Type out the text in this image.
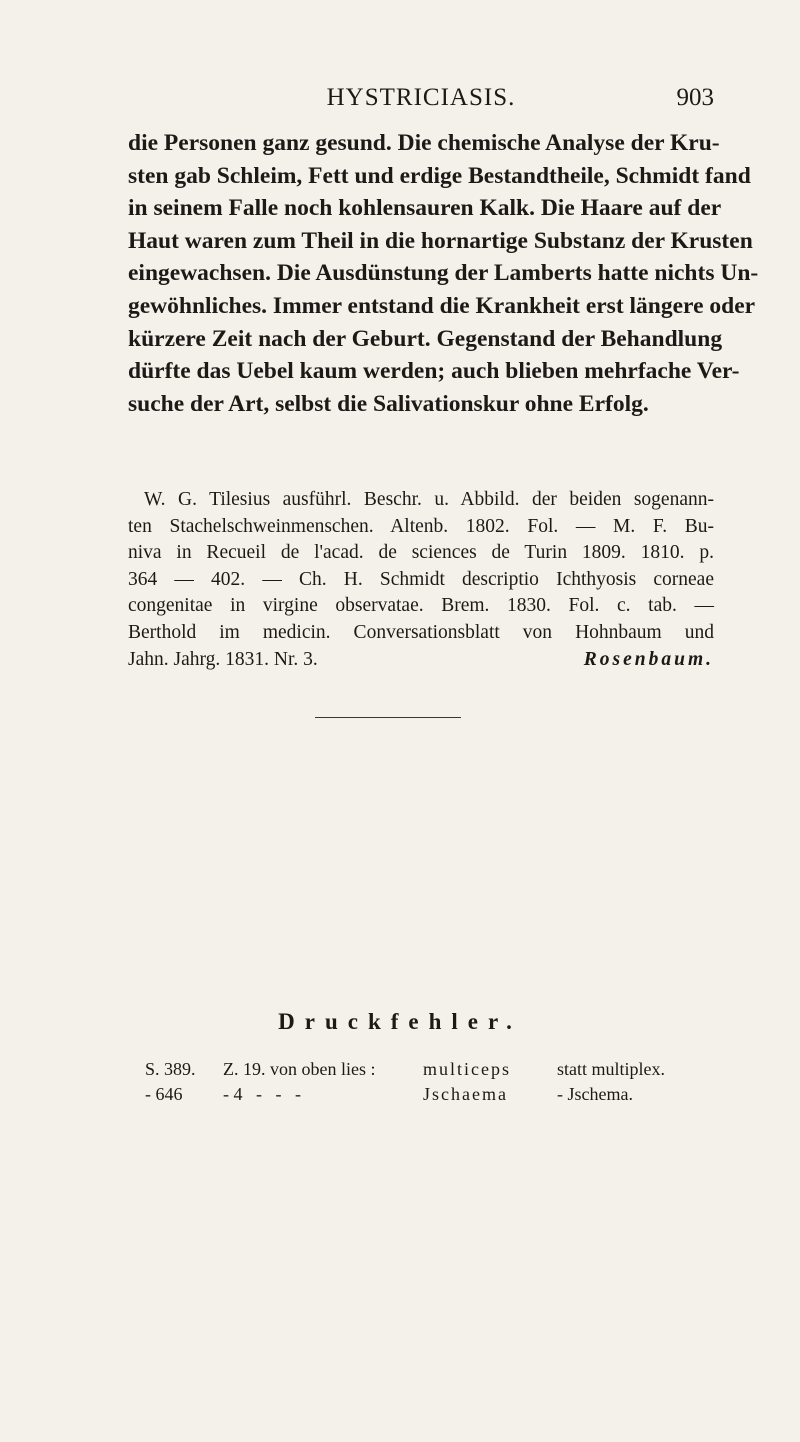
HYSTRICIASIS.	903
die Personen ganz gesund. Die chemische Analyse der Kru-
sten gab Schleim, Fett und erdige Bestandtheile, Schmidt fand
in seinem Falle noch kohlensauren Kalk. Die Haare auf der
Haut waren zum Theil in die hornartige Substanz der Krusten
eingewachsen. Die Ausdünstung der Lamberts hatte nichts Un-
gewöhnliches. Immer entstand die Krankheit erst längere oder
kürzere Zeit nach der Geburt. Gegenstand der Behandlung
dürfte das Uebel kaum werden; auch blieben mehrfache Ver-
suche der Art, selbst die Salivationskur ohne Erfolg.
W. G. Tilesius ausführl. Beschr. u. Abbild. der beiden sogenann-
ten Stachelschweinmenschen. Altenb. 1802. Fol. — M. F. Bu-
niva in Recueil de l'acad. de sciences de Turin 1809. 1810. p.
364 — 402. — Ch. H. Schmidt descriptio Ichthyosis corneae
congenitae in virgine observatae. Brem. 1830. Fol. c. tab. —
Berthold im medicin. Conversationsblatt von Hohnbaum und
Jahn. Jahrg. 1831. Nr. 3.	Rosenbaum.
Druckfehler.
S. 389.	Z. 19. von oben lies :	multiceps	statt multiplex.
- 646	- 4   -   -   -	Jschaema	- Jschema.
